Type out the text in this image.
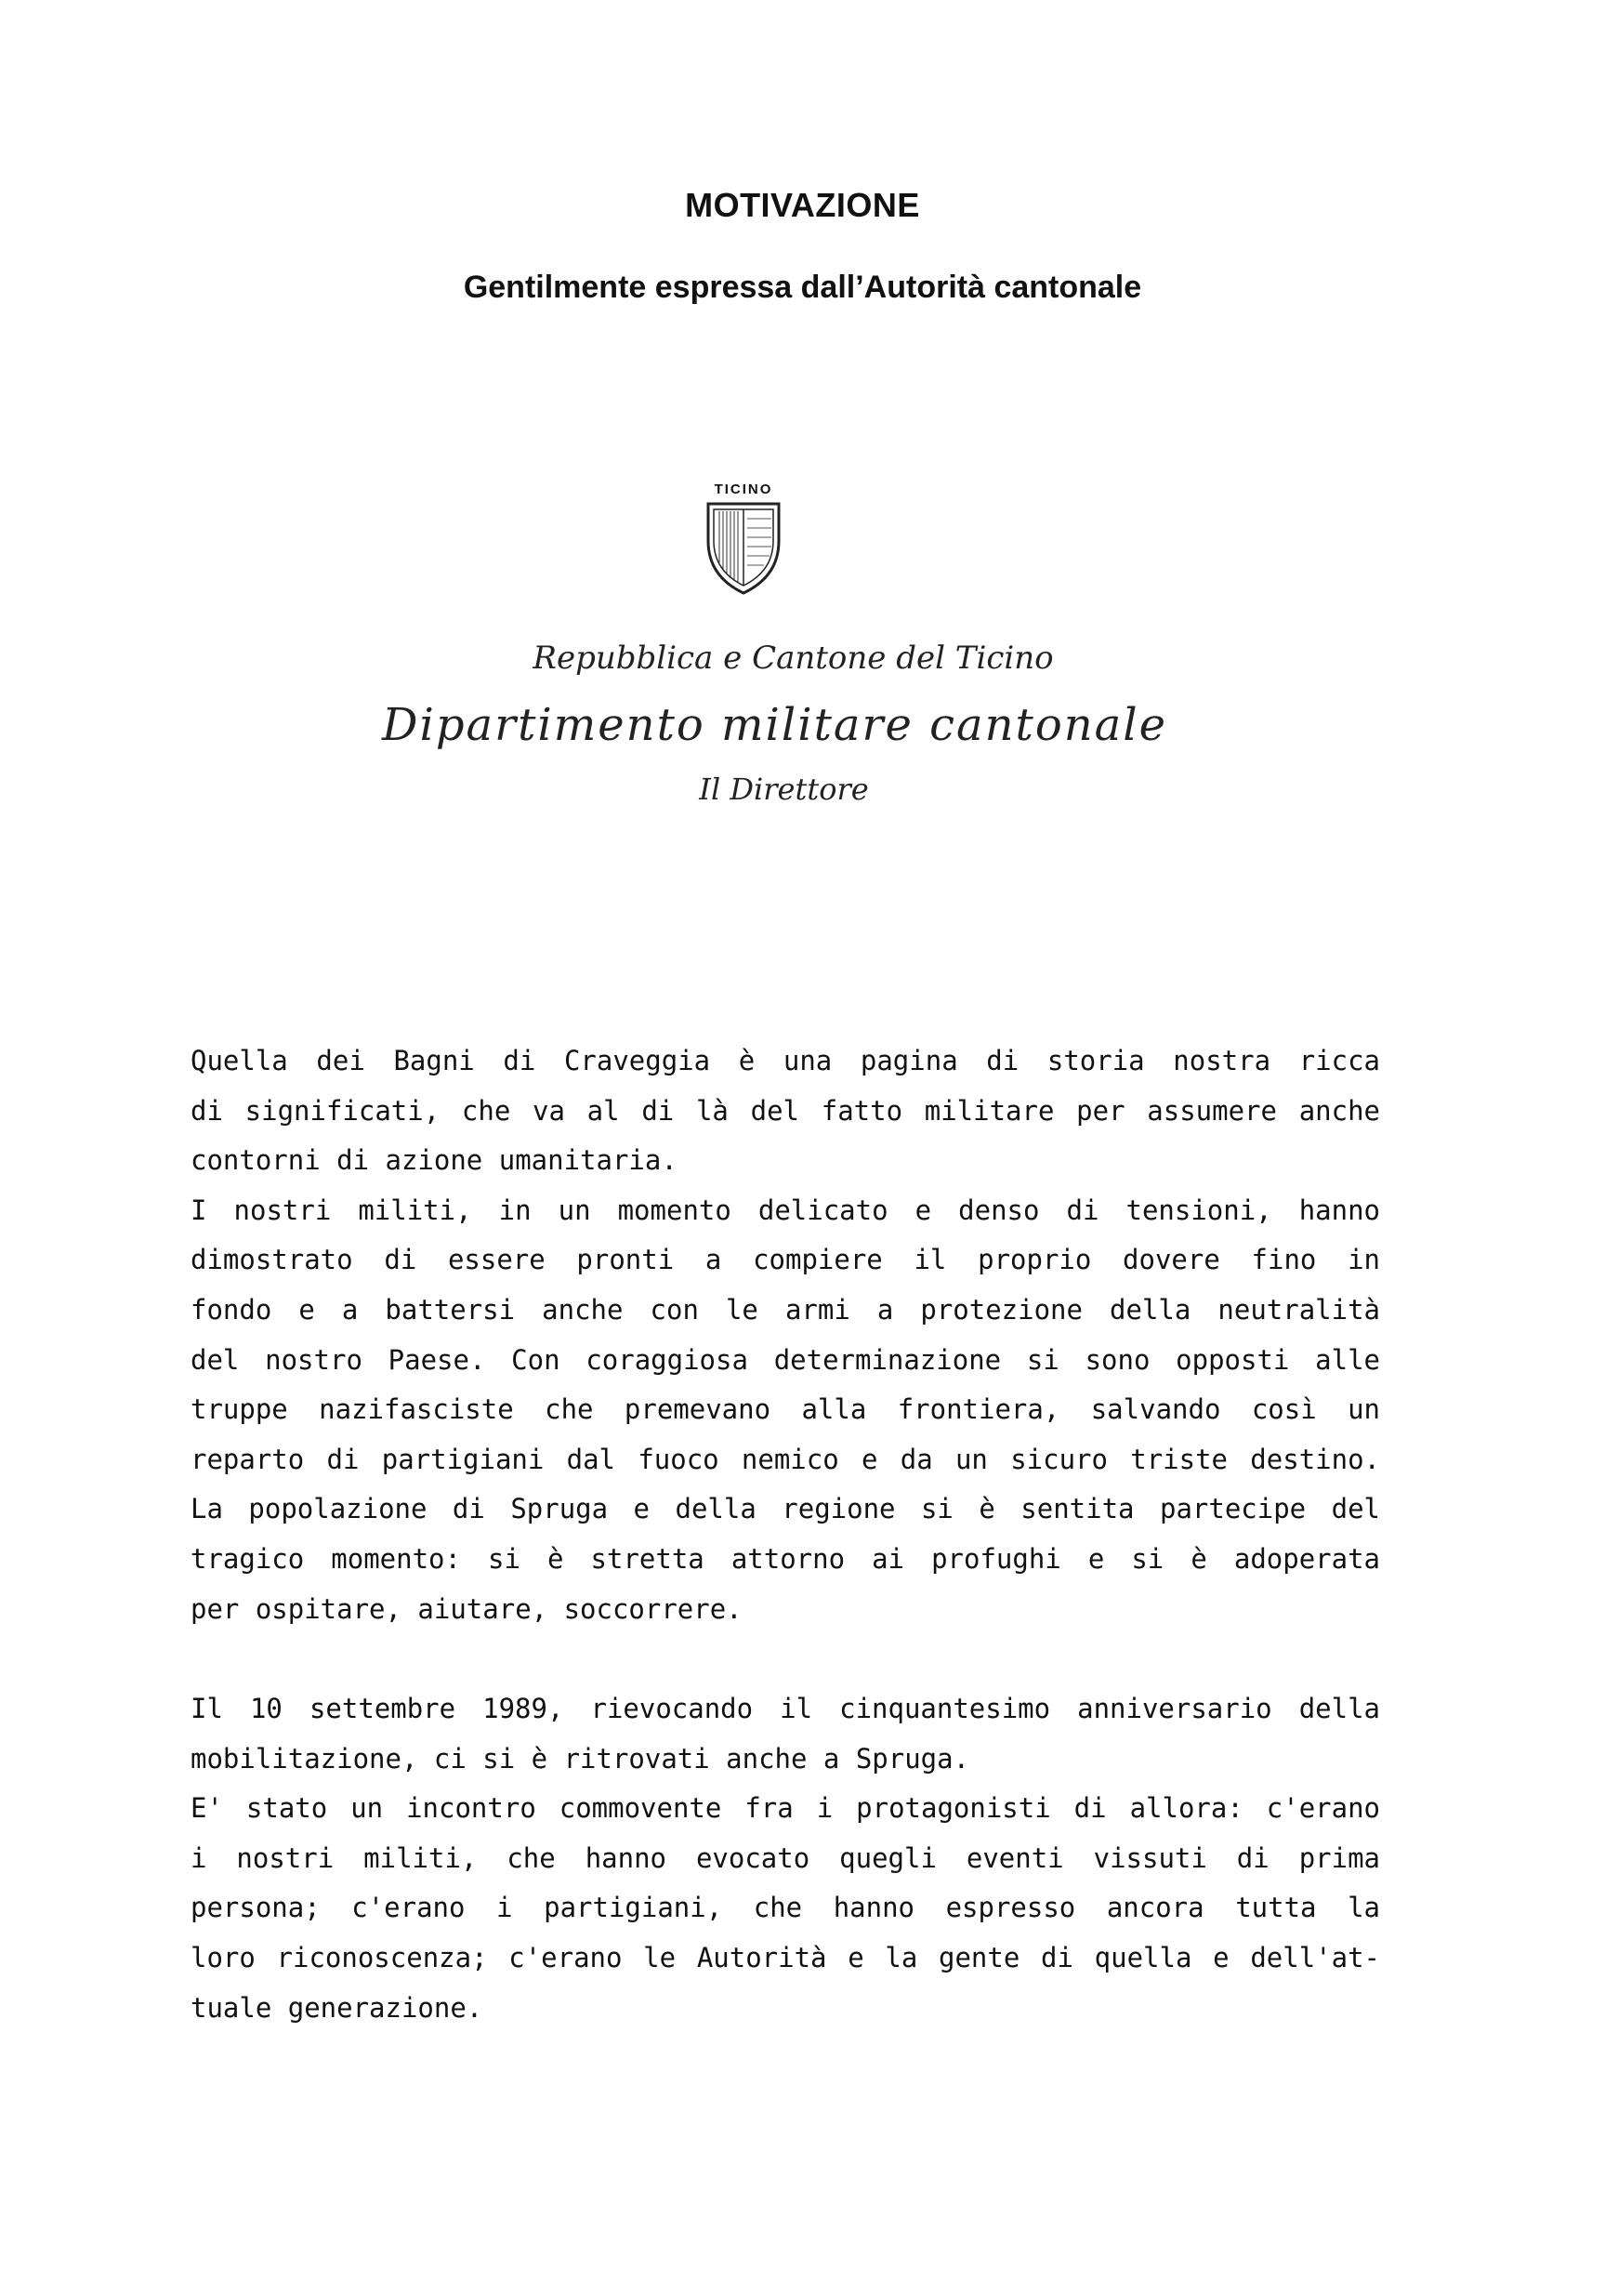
MOTIVAZIONE
Gentilmente espressa dall’Autorità cantonale
TICINO
Repubblica e Cantone del Ticino
Dipartimento militare cantonale
Il Direttore
Quella dei Bagni di Craveggia è una pagina di storia nostra ricca
di significati, che va al di là del fatto militare per assumere anche
contorni di azione umanitaria.
I nostri militi, in un momento delicato e denso di tensioni, hanno
dimostrato di essere pronti a compiere il proprio dovere fino in
fondo e a battersi anche con le armi a protezione della neutralità
del nostro Paese. Con coraggiosa determinazione si sono opposti alle
truppe nazifasciste che premevano alla frontiera, salvando così un
reparto di partigiani dal fuoco nemico e da un sicuro triste destino.
La popolazione di Spruga e della regione si è sentita partecipe del
tragico momento: si è stretta attorno ai profughi e si è adoperata
per ospitare, aiutare, soccorrere.
Il 10 settembre 1989, rievocando il cinquantesimo anniversario della
mobilitazione, ci si è ritrovati anche a Spruga.
E' stato un incontro commovente fra i protagonisti di allora: c'erano
i nostri militi, che hanno evocato quegli eventi vissuti di prima
persona; c'erano i partigiani, che hanno espresso ancora tutta la
loro riconoscenza; c'erano le Autorità e la gente di quella e dell'at-
tuale generazione.
